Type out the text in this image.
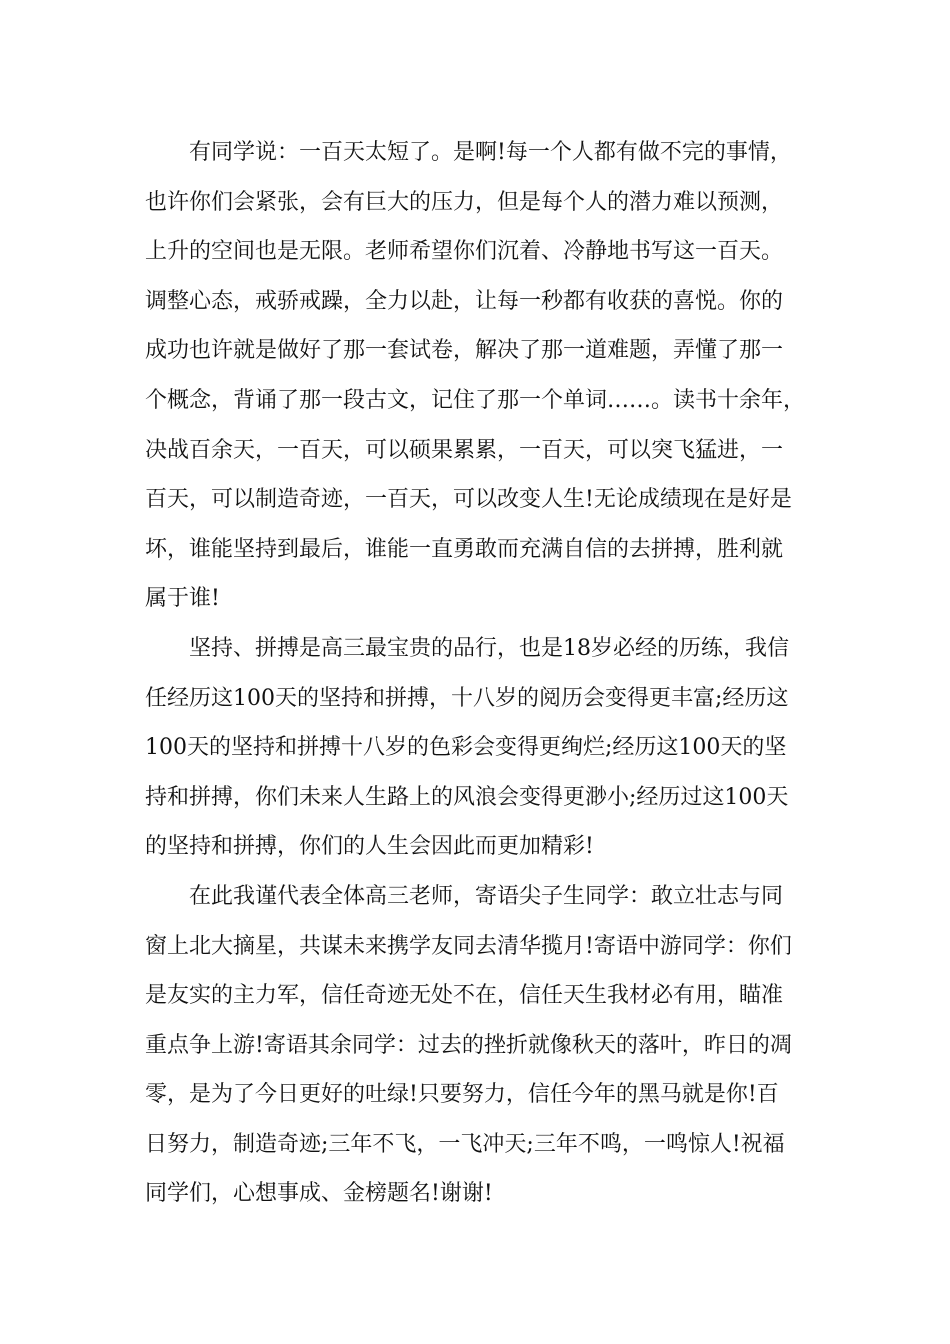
有同学说：一百天太短了。是啊!每一个人都有做不完的事情，
也许你们会紧张，会有巨大的压力，但是每个人的潜力难以预测，
上升的空间也是无限。老师希望你们沉着、冷静地书写这一百天。
调整心态，戒骄戒躁，全力以赴，让每一秒都有收获的喜悦。你的
成功也许就是做好了那一套试卷，解决了那一道难题，弄懂了那一
个概念，背诵了那一段古文，记住了那一个单词……。读书十余年，
决战百余天，一百天，可以硕果累累，一百天，可以突飞猛进，一
百天，可以制造奇迹，一百天，可以改变人生!无论成绩现在是好是
坏，谁能坚持到最后，谁能一直勇敢而充满自信的去拼搏，胜利就
属于谁!
坚持、拼搏是高三最宝贵的品行，也是18岁必经的历练，我信
任经历这100天的坚持和拼搏，十八岁的阅历会变得更丰富;经历这
100天的坚持和拼搏十八岁的色彩会变得更绚烂;经历这100天的坚
持和拼搏，你们未来人生路上的风浪会变得更渺小;经历过这100天
的坚持和拼搏，你们的人生会因此而更加精彩!
在此我谨代表全体高三老师，寄语尖子生同学：敢立壮志与同
窗上北大摘星，共谋未来携学友同去清华揽月!寄语中游同学：你们
是友实的主力军，信任奇迹无处不在，信任天生我材必有用，瞄准
重点争上游!寄语其余同学：过去的挫折就像秋天的落叶，昨日的凋
零，是为了今日更好的吐绿!只要努力，信任今年的黑马就是你!百
日努力，制造奇迹;三年不飞，一飞冲天;三年不鸣，一鸣惊人!祝福
同学们，心想事成、金榜题名!谢谢!
